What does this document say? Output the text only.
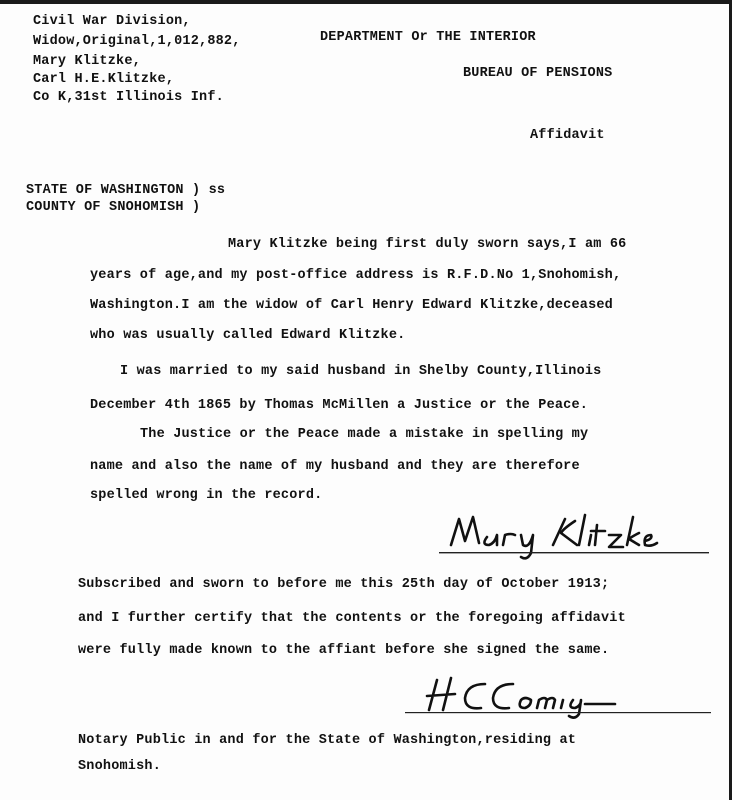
Civil War Division,
Widow,Original,1,012,882,
Mary Klitzke,
Carl H.E.Klitzke,
Co K,31st Illinois Inf.
DEPARTMENT Or THE INTERIOR
BUREAU OF PENSIONS
Affidavit
STATE OF WASHINGTON ) ss
COUNTY OF SNOHOMISH )
Mary Klitzke being first duly sworn says,I am 66
years of age,and my post-office address is R.F.D.No 1,Snohomish,
Washington.I am the widow of Carl Henry Edward Klitzke,deceased
who was usually called Edward Klitzke.
I was married to my said husband in Shelby County,Illinois
December 4th 1865 by Thomas McMillen a Justice or the Peace.
The Justice or the Peace made a mistake in spelling my
name and also the name of my husband and they are therefore
spelled wrong in the record.
Subscribed and sworn to before me this 25th day of October 1913;
and I further certify that the contents or the foregoing affidavit
were fully made known to the affiant before she signed the same.
Notary Public in and for the State of Washington,residing at
Snohomish.
